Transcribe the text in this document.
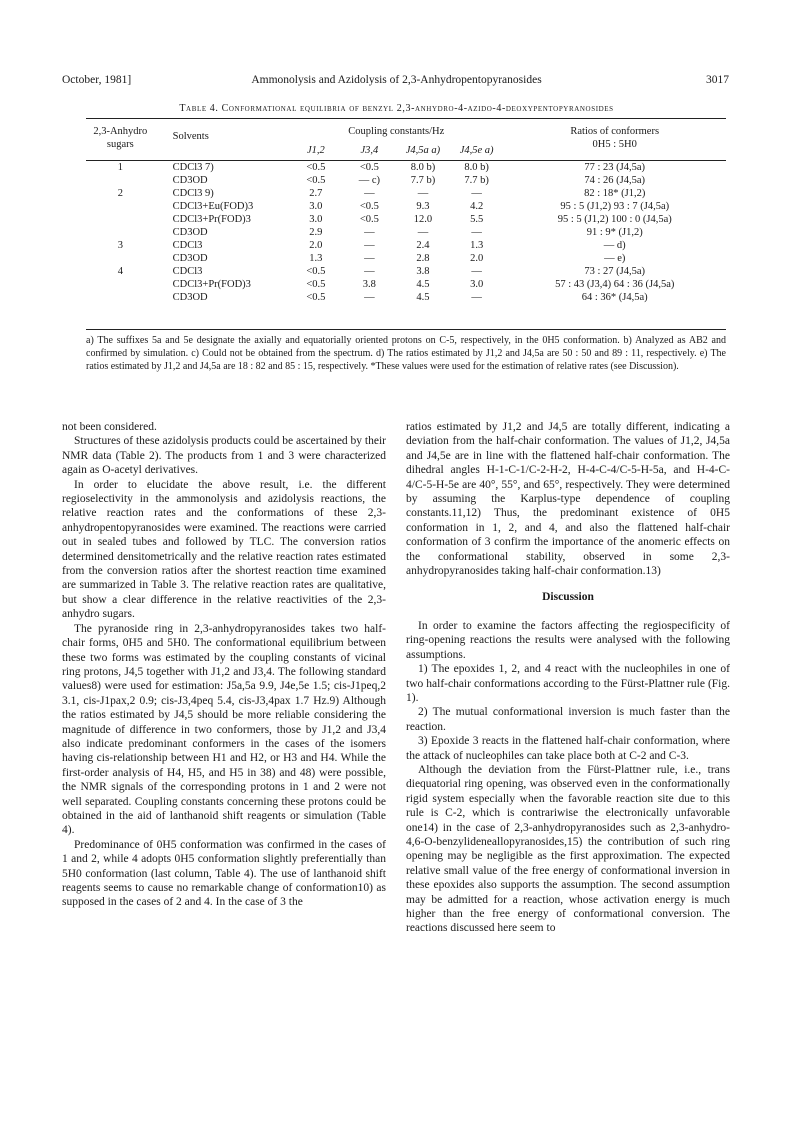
October, 1981]	Ammonolysis and Azidolysis of 2,3-Anhydropentopyranosides	3017
Table 4. Conformational equilibria of benzyl 2,3-anhydro-4-azido-4-deoxypentopyranosides
2,3-Anhydro sugars	Solvents	Coupling constants/Hz				Ratios of conformers
0H5 : 5H0

		J1,2	J3,4	J4,5a a)	J4,5e a)	
1	CDCl3 7)	<0.5	<0.5	8.0 b)	8.0 b)	77 : 23 (J4,5a)
	CD3OD	<0.5	— c)	7.7 b)	7.7 b)	74 : 26 (J4,5a)
2	CDCl3 9)	2.7	—	—	—	82 : 18* (J1,2)
	CDCl3+Eu(FOD)3	3.0	<0.5	9.3	4.2	95 : 5 (J1,2) 93 : 7 (J4,5a)
	CDCl3+Pr(FOD)3	3.0	<0.5	12.0	5.5	95 : 5 (J1,2) 100 : 0 (J4,5a)
	CD3OD	2.9	—	—	—	91 : 9* (J1,2)
3	CDCl3	2.0	—	2.4	1.3	— d)
	CD3OD	1.3	—	2.8	2.0	— e)
4	CDCl3	<0.5	—	3.8	—	73 : 27 (J4,5a)
	CDCl3+Pr(FOD)3	<0.5	3.8	4.5	3.0	57 : 43 (J3,4) 64 : 36 (J4,5a)
	CD3OD	<0.5	—	4.5	—	64 : 36* (J4,5a)
a) The suffixes 5a and 5e designate the axially and equatorially oriented protons on C-5, respectively, in the 0H5 conformation. b) Analyzed as AB2 and confirmed by simulation. c) Could not be obtained from the spectrum. d) The ratios estimated by J1,2 and J4,5a are 50 : 50 and 89 : 11, respectively. e) The ratios estimated by J1,2 and J4,5a are 18 : 82 and 85 : 15, respectively. *These values were used for the estimation of relative rates (see Discussion).

not been considered.

Structures of these azidolysis products could be ascertained by their NMR data (Table 2). The products from 1 and 3 were characterized again as O-acetyl derivatives.

In order to elucidate the above result, i.e. the different regioselectivity in the ammonolysis and azidolysis reactions, the relative reaction rates and the conformations of these 2,3-anhydropentopyranosides were examined. The reactions were carried out in sealed tubes and followed by TLC. The conversion ratios determined densitometrically and the relative reaction rates estimated from the conversion ratios after the shortest reaction time examined are summarized in Table 3. The relative reaction rates are qualitative, but show a clear difference in the relative reactivities of the 2,3-anhydro sugars.

The pyranoside ring in 2,3-anhydropyranosides takes two half-chair forms, 0H5 and 5H0. The conformational equilibrium between these two forms was estimated by the coupling constants of vicinal ring protons, J4,5 together with J1,2 and J3,4. The following standard values8) were used for estimation: J5a,5a 9.9, J4e,5e 1.5; cis-J1peq,2 3.1, cis-J1pax,2 0.9; cis-J3,4peq 5.4, cis-J3,4pax 1.7 Hz.9) Although the ratios estimated by J4,5 should be more reliable considering the magnitude of difference in two conformers, those by J1,2 and J3,4 also indicate predominant conformers in the cases of the isomers having cis-relationship between H1 and H2, or H3 and H4. While the first-order analysis of H4, H5, and H5 in 38) and 48) were possible, the NMR signals of the corresponding protons in 1 and 2 were not well separated. Coupling constants concerning these protons could be obtained in the aid of lanthanoid shift reagents or simulation (Table 4).

Predominance of 0H5 conformation was confirmed in the cases of 1 and 2, while 4 adopts 0H5 conformation slightly preferentially than 5H0 conformation (last column, Table 4). The use of lanthanoid shift reagents seems to cause no remarkable change of conformation10) as supposed in the cases of 2 and 4. In the case of 3 the

ratios estimated by J1,2 and J4,5 are totally different, indicating a deviation from the half-chair conformation. The values of J1,2, J4,5a and J4,5e are in line with the flattened half-chair conformation. The dihedral angles H-1-C-1/C-2-H-2, H-4-C-4/C-5-H-5a, and H-4-C-4/C-5-H-5e are 40°, 55°, and 65°, respectively. They were determined by assuming the Karplus-type dependence of coupling constants.11,12) Thus, the predominant existence of 0H5 conformation in 1, 2, and 4, and also the flattened half-chair conformation of 3 confirm the importance of the anomeric effects on the conformational stability, observed in some 2,3-anhydropyranosides taking half-chair conformation.13)

Discussion

In order to examine the factors affecting the regiospecificity of ring-opening reactions the results were analysed with the following assumptions.

1) The epoxides 1, 2, and 4 react with the nucleophiles in one of two half-chair conformations according to the Fürst-Plattner rule (Fig. 1).

2) The mutual conformational inversion is much faster than the reaction.

3) Epoxide 3 reacts in the flattened half-chair conformation, where the attack of nucleophiles can take place both at C-2 and C-3.

Although the deviation from the Fürst-Plattner rule, i.e., trans diequatorial ring opening, was observed even in the conformationally rigid system especially when the favorable reaction site due to this rule is C-2, which is contrariwise the electronically unfavorable one14) in the case of 2,3-anhydropyranosides such as 2,3-anhydro-4,6-O-benzylideneallopyranosides,15) the contribution of such ring opening may be negligible as the first approximation. The expected relative small value of the free energy of conformational inversion in these epoxides also supports the assumption. The second assumption may be admitted for a reaction, whose activation energy is much higher than the free energy of conformational conversion. The reactions discussed here seem to
